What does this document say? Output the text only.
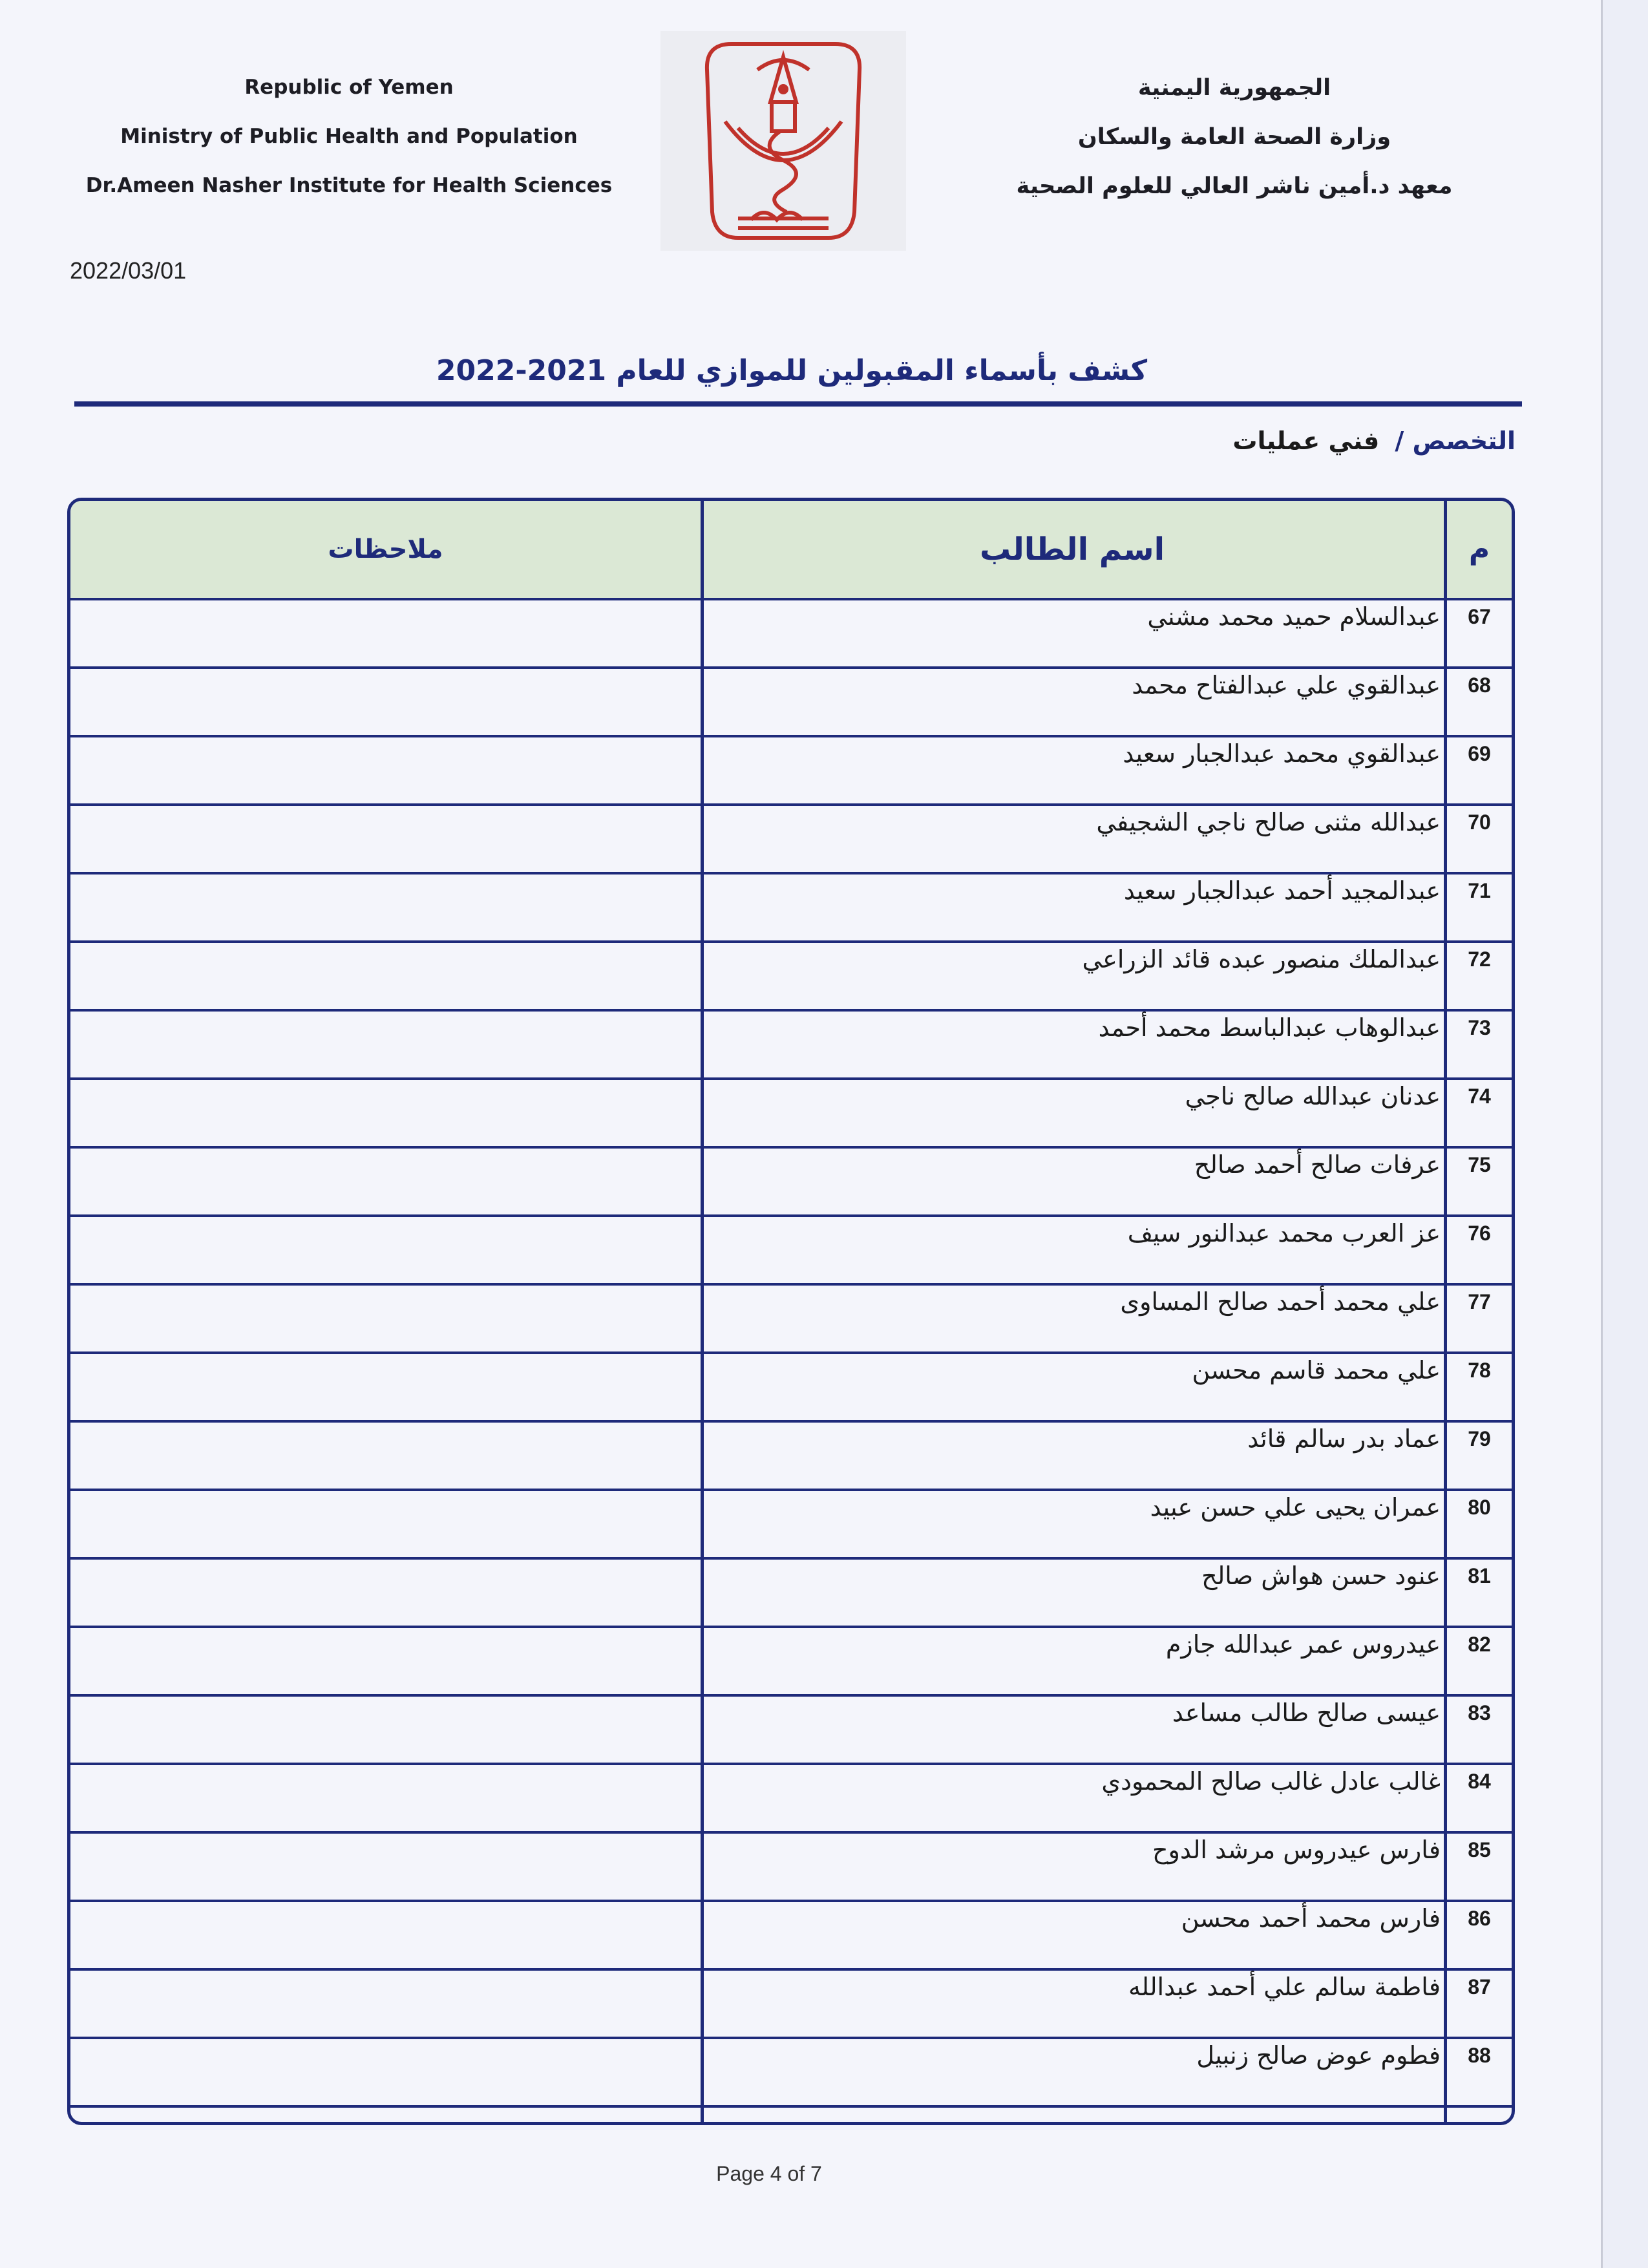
Republic of Yemen
Ministry of Public Health and Population
Dr.Ameen Nasher Institute for Health Sciences
الجمهورية اليمنية
وزارة الصحة العامة والسكان
معهد د.أمين ناشر العالي للعلوم الصحية
2022/03/01
كشف بأسماء المقبولين للموازي للعام 2021-2022
التخصص / فني عمليات
م
اسم الطالب
ملاحظات
67
عبدالسلام حميد محمد مشني
68
عبدالقوي علي عبدالفتاح محمد
69
عبدالقوي محمد عبدالجبار سعيد
70
عبدالله مثنى صالح ناجي الشجيفي
71
عبدالمجيد أحمد عبدالجبار سعيد
72
عبدالملك منصور عبده قائد الزراعي
73
عبدالوهاب عبدالباسط محمد أحمد
74
عدنان عبدالله صالح ناجي
75
عرفات صالح أحمد صالح
76
عز العرب محمد عبدالنور سيف
77
علي محمد أحمد صالح المساوى
78
علي محمد قاسم محسن
79
عماد بدر سالم قائد
80
عمران يحيى علي حسن عبيد
81
عنود حسن هواش صالح
82
عيدروس عمر عبدالله جازم
83
عيسى صالح طالب مساعد
84
غالب عادل غالب صالح المحمودي
85
فارس عيدروس مرشد الدوح
86
فارس محمد أحمد محسن
87
فاطمة سالم علي أحمد عبدالله
88
فطوم عوض صالح زنبيل
Page 4 of 7
